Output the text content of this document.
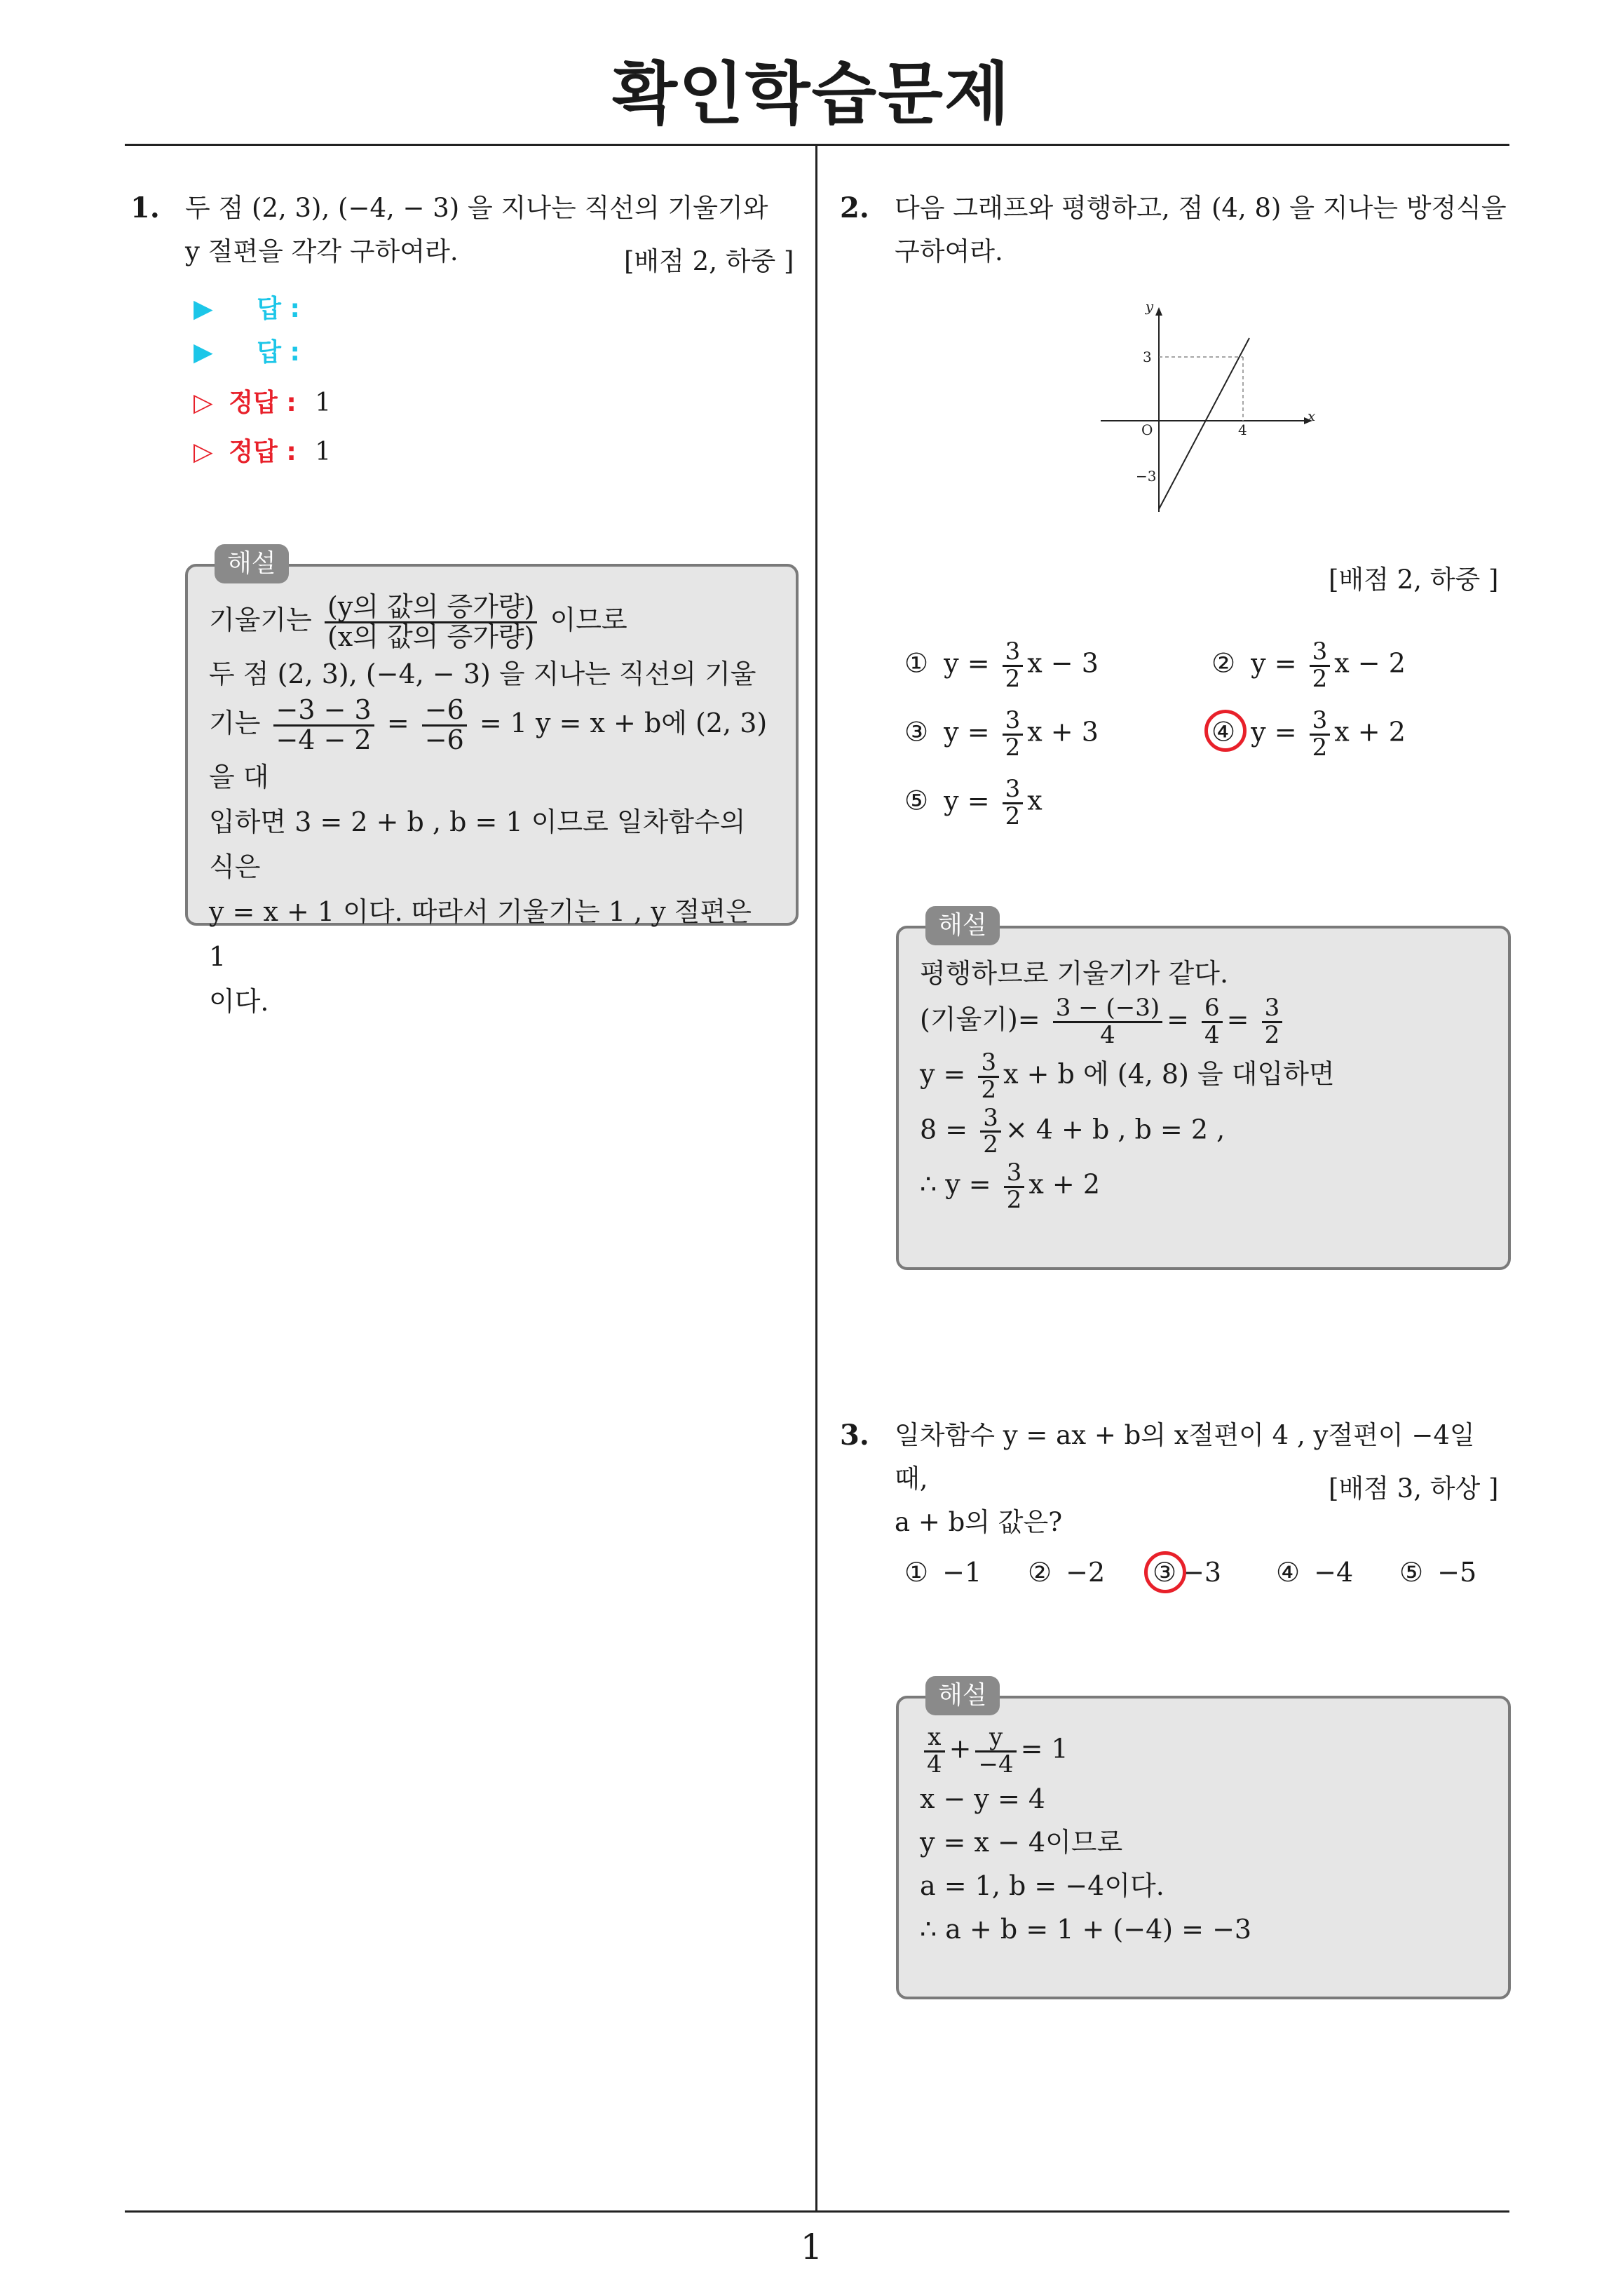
확인학습문제
1
1. 두 점 (2, 3), (−4, − 3) 을 지나는 직선의 기울기와
y 절편을 각각 구하여라.	[배점 2, 하중 ]
▶ 답 :
▶ 답 :
▷ 정답 : 1
▷ 정답 : 1
해설
기울기는 $\frac{\text{(y의 값의 증가량)}}{\text{(x의 값의 증가량)}}$ 이므로
두 점 (2, 3), (−4, − 3) 을 지나는 직선의 기울
기는 $\frac{-3 - 3}{-4 - 2} = \frac{-6}{-6} = 1$ y = x + b에 (2, 3) 을 대
입하면 3 = 2 + b , b = 1 이므로 일차함수의 식은
y = x + 1 이다. 따라서 기울기는 1 , y 절편은 1
이다.
2. 다음 그래프와 평행하고, 점 (4, 8) 을 지나는 방정식을
구하여라.
y
x
O
3
−3
4
[배점 2, 하중 ]
① $y = \frac{3}{2}$ x − 3	② $y = \frac{3}{2}$ x − 2
③ $y = \frac{3}{2}$ x + 3	④ $y = \frac{3}{2}$ x + 2
⑤ $y = \frac{3}{2}$ x
해설
평행하므로 기울기가 같다.
(기울기)= $\frac{3 - (-3)}{4} = \frac{6}{4} = \frac{3}{2}$
$y = \frac{3}{2}$ x + b 에 (4, 8) 을 대입하면
$8 = \frac{3}{2} \times 4 + b$ , b = 2 ,
∴ $y = \frac{3}{2}$ x + 2
3. 일차함수 y = ax + b의 x절편이 4 , y절편이 −4일 때,
a + b의 값은?
[배점 3, 하상 ]
① −1 ② −2 ③ −3 ④ −4 ⑤ −5
해설
$\frac{x}{4} + \frac{y}{-4} = 1$
x − y = 4
y = x − 4이므로
a = 1, b = −4이다.
∴ a + b = 1 + (−4) = −3
